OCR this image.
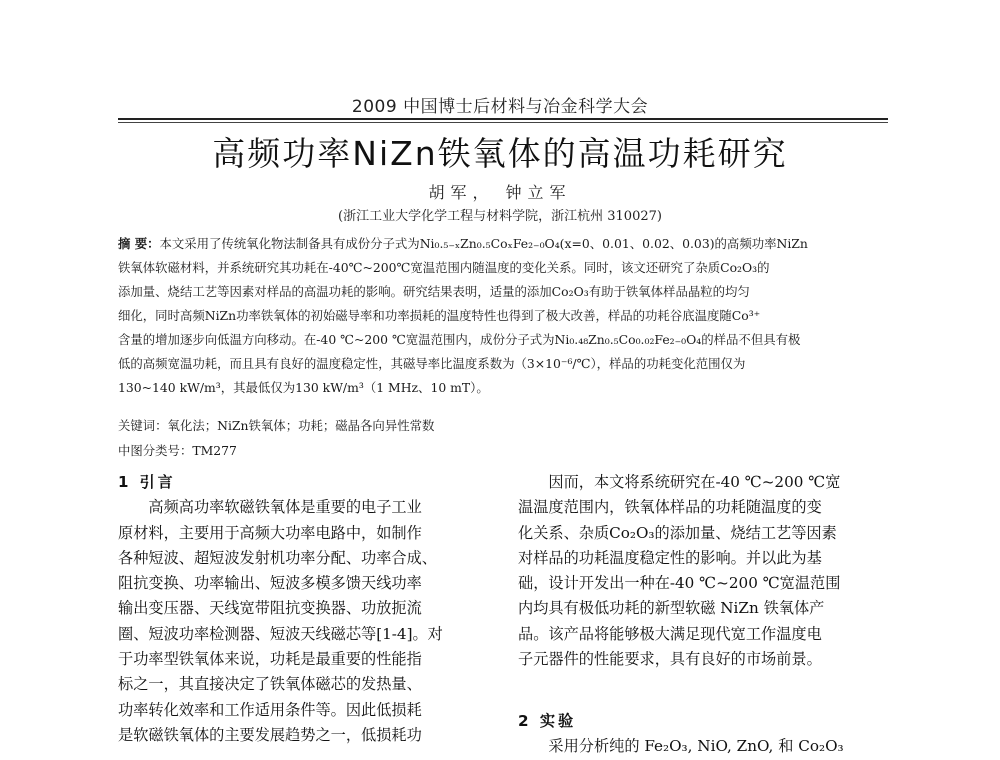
2009 中国博士后材料与冶金科学大会
高频功率NiZn铁氧体的高温功耗研究
胡军， 钟立军
(浙江工业大学化学工程与材料学院，浙江杭州 310027)
摘 要：本文采用了传统氧化物法制备具有成份分子式为Ni₀.₅₋ₓZn₀.₅CoₓFe₂₋₀O₄(x=0、0.01、0.02、0.03)的高频功率NiZn
铁氧体软磁材料，并系统研究其功耗在-40℃~200℃宽温范围内随温度的变化关系。同时，该文还研究了杂质Co₂O₃的
添加量、烧结工艺等因素对样品的高温功耗的影响。研究结果表明，适量的添加Co₂O₃有助于铁氧体样品晶粒的均匀
细化，同时高频NiZn功率铁氧体的初始磁导率和功率损耗的温度特性也得到了极大改善，样品的功耗谷底温度随Co³⁺
含量的增加逐步向低温方向移动。在-40 ℃~200 ℃宽温范围内，成份分子式为Ni₀.₄₈Zn₀.₅Co₀.₀₂Fe₂₋₀O₄的样品不但具有极
低的高频宽温功耗，而且具有良好的温度稳定性，其磁导率比温度系数为（3×10⁻⁶/℃），样品的功耗变化范围仅为
130~140 kW/m³，其最低仅为130 kW/m³（1 MHz、10 mT）。
关键词：氧化法；NiZn铁氧体；功耗；磁晶各向异性常数
中图分类号：TM277
1 引言
　　高频高功率软磁铁氧体是重要的电子工业
原材料，主要用于高频大功率电路中，如制作
各种短波、超短波发射机功率分配、功率合成、
阻抗变换、功率输出、短波多模多馈天线功率
输出变压器、天线宽带阻抗变换器、功放扼流
圈、短波功率检测器、短波天线磁芯等[1-4]。对
于功率型铁氧体来说，功耗是最重要的性能指
标之一，其直接决定了铁氧体磁芯的发热量、
功率转化效率和工作适用条件等。因此低损耗
是软磁铁氧体的主要发展趋势之一，低损耗功
　　因而，本文将系统研究在-40 ℃~200 ℃宽
温温度范围内，铁氧体样品的功耗随温度的变
化关系、杂质Co₂O₃的添加量、烧结工艺等因素
对样品的功耗温度稳定性的影响。并以此为基
础，设计开发出一种在-40 ℃~200 ℃宽温范围
内均具有极低功耗的新型软磁 NiZn 铁氧体产
品。该产品将能够极大满足现代宽工作温度电
子元器件的性能要求，具有良好的市场前景。
2 实验
　　采用分析纯的 Fe₂O₃, NiO, ZnO, 和 Co₂O₃
